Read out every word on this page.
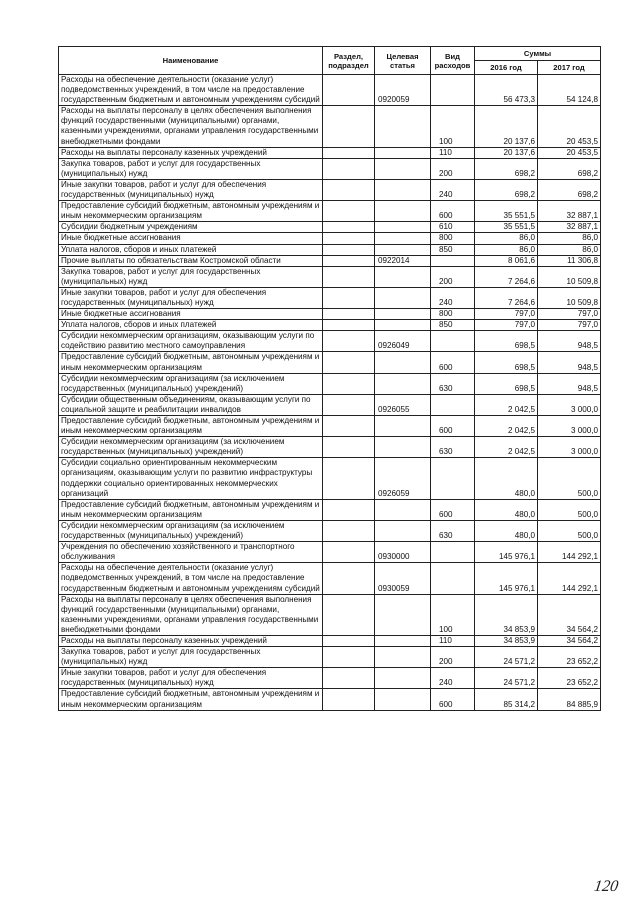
Наименование	Раздел, подраздел	Целевая статья	Вид расходов	Суммы	
				2016 год	2017 год
Расходы на обеспечение деятельности (оказание услуг) подведомственных учреждений, в том числе на предоставление государственным бюджетным и автономным учреждениям субсидий		0920059		56 473,3	54 124,8
Расходы на выплаты персоналу в целях обеспечения выполнения функций государственными (муниципальными) органами, казенными учреждениями, органами управления государственными внебюджетными фондами			100	20 137,6	20 453,5
Расходы на выплаты персоналу казенных учреждений			110	20 137,6	20 453,5
Закупка товаров, работ и услуг для государственных (муниципальных) нужд			200	698,2	698,2
Иные закупки товаров, работ и услуг для обеспечения государственных (муниципальных) нужд			240	698,2	698,2
Предоставление субсидий бюджетным, автономным учреждениям и иным некоммерческим организациям			600	35 551,5	32 887,1
Субсидии бюджетным учреждениям			610	35 551,5	32 887,1
Иные бюджетные ассигнования			800	86,0	86,0
Уплата налогов, сборов и иных платежей			850	86,0	86,0
Прочие выплаты по обязательствам Костромской области		0922014		8 061,6	11 306,8
Закупка товаров, работ и услуг для государственных (муниципальных) нужд			200	7 264,6	10 509,8
Иные закупки товаров, работ и услуг для обеспечения государственных (муниципальных) нужд			240	7 264,6	10 509,8
Иные бюджетные ассигнования			800	797,0	797,0
Уплата налогов, сборов и иных платежей			850	797,0	797,0
Субсидии некоммерческим организациям, оказывающим услуги по содействию развитию местного самоуправления		0926049		698,5	948,5
Предоставление субсидий бюджетным, автономным учреждениям и иным некоммерческим организациям			600	698,5	948,5
Субсидии некоммерческим организациям (за исключением государственных (муниципальных) учреждений)			630	698,5	948,5
Субсидии общественным объединениям, оказывающим услуги по социальной защите и реабилитации инвалидов		0926055		2 042,5	3 000,0
Предоставление субсидий бюджетным, автономным учреждениям и иным некоммерческим организациям			600	2 042,5	3 000,0
Субсидии некоммерческим организациям (за исключением государственных (муниципальных) учреждений)			630	2 042,5	3 000,0
Субсидии социально ориентированным некоммерческим организациям, оказывающим услуги по развитию инфраструктуры поддержки социально ориентированных некоммерческих организаций		0926059		480,0	500,0
Предоставление субсидий бюджетным, автономным учреждениям и иным некоммерческим организациям			600	480,0	500,0
Субсидии некоммерческим организациям (за исключением государственных (муниципальных) учреждений)			630	480,0	500,0
Учреждения по обеспечению хозяйственного и транспортного обслуживания		0930000		145 976,1	144 292,1
Расходы на обеспечение деятельности (оказание услуг) подведомственных учреждений, в том числе на предоставление государственным бюджетным и автономным учреждениям субсидий		0930059		145 976,1	144 292,1
Расходы на выплаты персоналу в целях обеспечения выполнения функций государственными (муниципальными) органами, казенными учреждениями, органами управления государственными внебюджетными фондами			100	34 853,9	34 564,2
Расходы на выплаты персоналу казенных учреждений			110	34 853,9	34 564,2
Закупка товаров, работ и услуг для государственных (муниципальных) нужд			200	24 571,2	23 652,2
Иные закупки товаров, работ и услуг для обеспечения государственных (муниципальных) нужд			240	24 571,2	23 652,2
Предоставление субсидий бюджетным, автономным учреждениям и иным некоммерческим организациям			600	85 314,2	84 885,9
120
